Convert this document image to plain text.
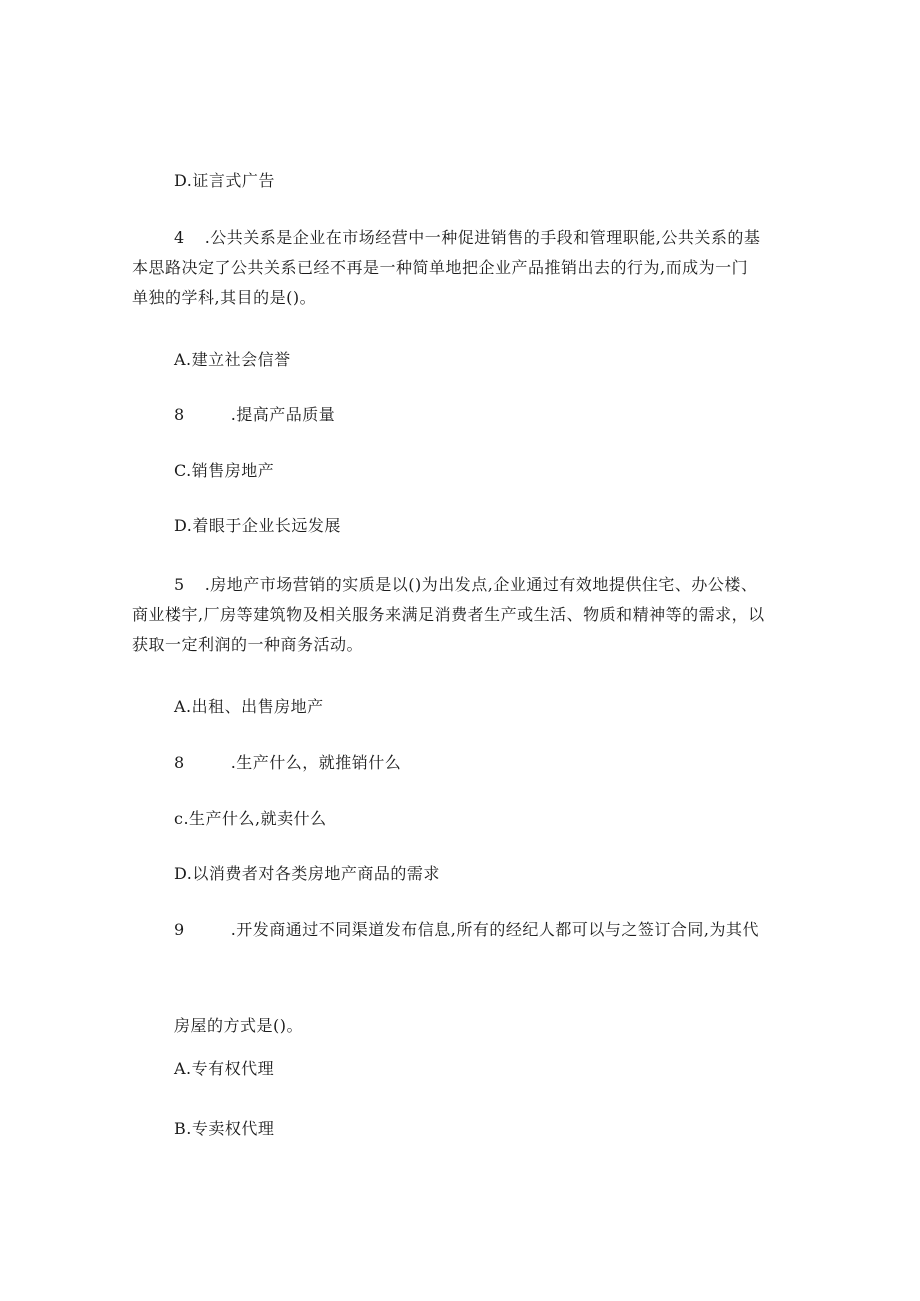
D.证言式广告
4 .公共关系是企业在市场经营中一种促进销售的手段和管理职能,公共关系的基
本思路决定了公共关系已经不再是一种简单地把企业产品推销出去的行为,而成为一门
单独的学科,其目的是()。
A.建立社会信誉
8	.提高产品质量
C.销售房地产
D.着眼于企业长远发展
5 .房地产市场营销的实质是以()为出发点,企业通过有效地提供住宅、办公楼、
商业楼宇,厂房等建筑物及相关服务来满足消费者生产或生活、物质和精神等的需求，以
获取一定利润的一种商务活动。
A.出租、出售房地产
8	.生产什么，就推销什么
c.生产什么,就卖什么
D.以消费者对各类房地产商品的需求
9	.开发商通过不同渠道发布信息,所有的经纪人都可以与之签订合同,为其代
房屋的方式是()。
A.专有权代理
B.专卖权代理
